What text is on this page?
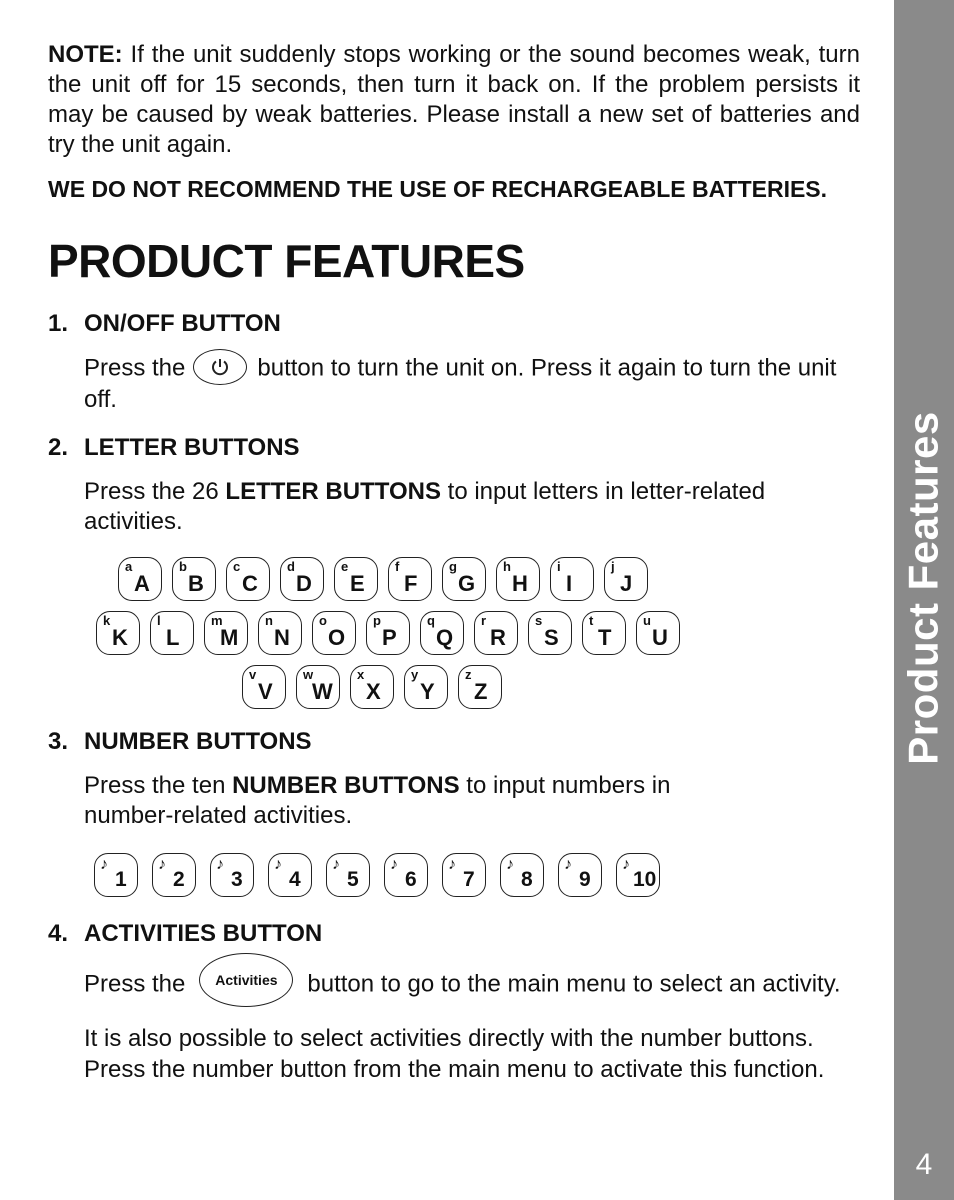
NOTE: If the unit suddenly stops working or the sound becomes weak, turn the unit off for 15 seconds, then turn it back on. If the problem persists it may be caused by weak batteries. Please install a new set of batteries and try the unit again.

WE DO NOT RECOMMEND THE USE OF RECHARGEABLE BATTERIES.

PRODUCT FEATURES
1. ON/OFF BUTTON

Press the	button to turn the unit on. Press it again to turn the unit off.

2. LETTER BUTTONS

Press the 26 LETTER BUTTONS to input letters in letter-related activities.

a
A
b
B
c
C
d
D
e
E
f
F
g
G
h
H
i
I
j
J
k
K
l
L
m
M
n
N
o
O
p
P
q
Q
r
R
s
S
t
T
u
U
v
V
w
W
x
X
y
Y
z
Z
3. NUMBER BUTTONS

Press the ten NUMBER BUTTONS to input numbers in number-related activities.

♪
1
♪
2
♪
3
♪
4
♪
5
♪
6
♪
7
♪
8
♪
9
♪
10
4. ACTIVITIES BUTTON

Press the Activities button to go to the main menu to select an activity.

It is also possible to select activities directly with the number buttons. Press the number button from the main menu to activate this function.

Product Features
4
